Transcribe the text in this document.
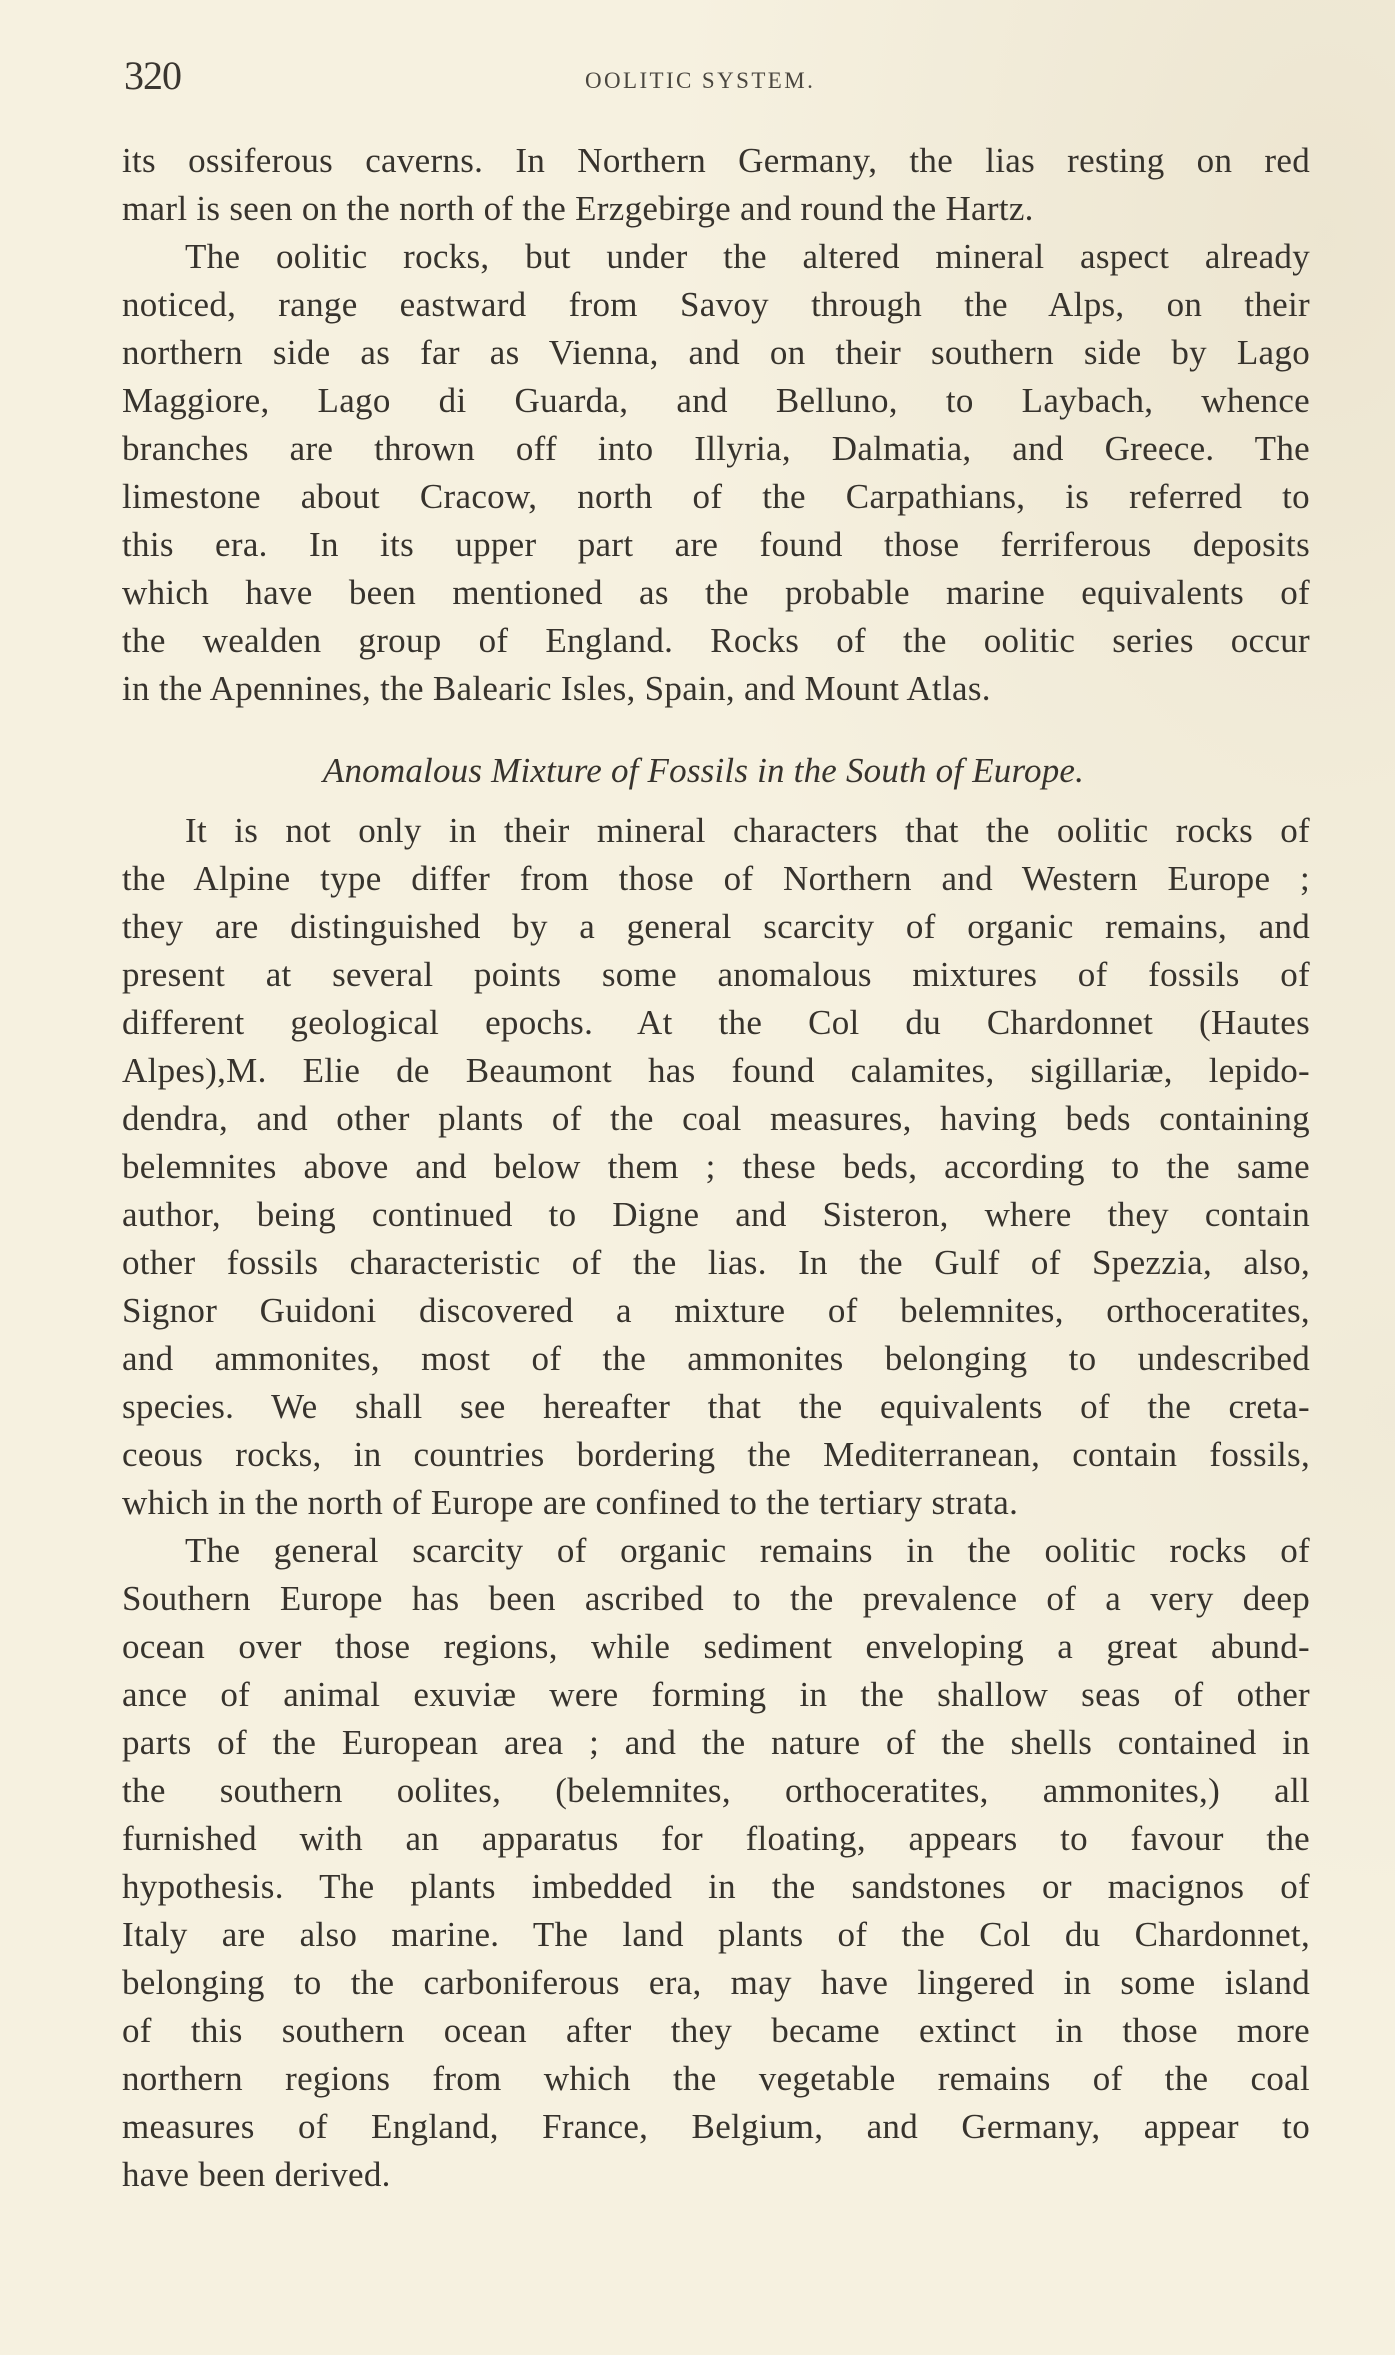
320	OOLITIC SYSTEM.
its ossiferous caverns. In Northern Germany, the lias resting on red
marl is seen on the north of the Erzgebirge and round the Hartz.
The oolitic rocks, but under the altered mineral aspect already
noticed, range eastward from Savoy through the Alps, on their
northern side as far as Vienna, and on their southern side by Lago
Maggiore, Lago di Guarda, and Belluno, to Laybach, whence
branches are thrown off into Illyria, Dalmatia, and Greece. The
limestone about Cracow, north of the Carpathians, is referred to
this era. In its upper part are found those ferriferous deposits
which have been mentioned as the probable marine equivalents of
the wealden group of England. Rocks of the oolitic series occur
in the Apennines, the Balearic Isles, Spain, and Mount Atlas.
Anomalous Mixture of Fossils in the South of Europe.
It is not only in their mineral characters that the oolitic rocks of
the Alpine type differ from those of Northern and Western Europe ;
they are distinguished by a general scarcity of organic remains, and
present at several points some anomalous mixtures of fossils of
different geological epochs. At the Col du Chardonnet (Hautes
Alpes),M. Elie de Beaumont has found calamites, sigillariæ, lepido-
dendra, and other plants of the coal measures, having beds containing
belemnites above and below them ; these beds, according to the same
author, being continued to Digne and Sisteron, where they contain
other fossils characteristic of the lias. In the Gulf of Spezzia, also,
Signor Guidoni discovered a mixture of belemnites, orthoceratites,
and ammonites, most of the ammonites belonging to undescribed
species. We shall see hereafter that the equivalents of the creta-
ceous rocks, in countries bordering the Mediterranean, contain fossils,
which in the north of Europe are confined to the tertiary strata.
The general scarcity of organic remains in the oolitic rocks of
Southern Europe has been ascribed to the prevalence of a very deep
ocean over those regions, while sediment enveloping a great abund-
ance of animal exuviæ were forming in the shallow seas of other
parts of the European area ; and the nature of the shells contained in
the southern oolites, (belemnites, orthoceratites, ammonites,) all
furnished with an apparatus for floating, appears to favour the
hypothesis. The plants imbedded in the sandstones or macignos of
Italy are also marine. The land plants of the Col du Chardonnet,
belonging to the carboniferous era, may have lingered in some island
of this southern ocean after they became extinct in those more
northern regions from which the vegetable remains of the coal
measures of England, France, Belgium, and Germany, appear to
have been derived.
